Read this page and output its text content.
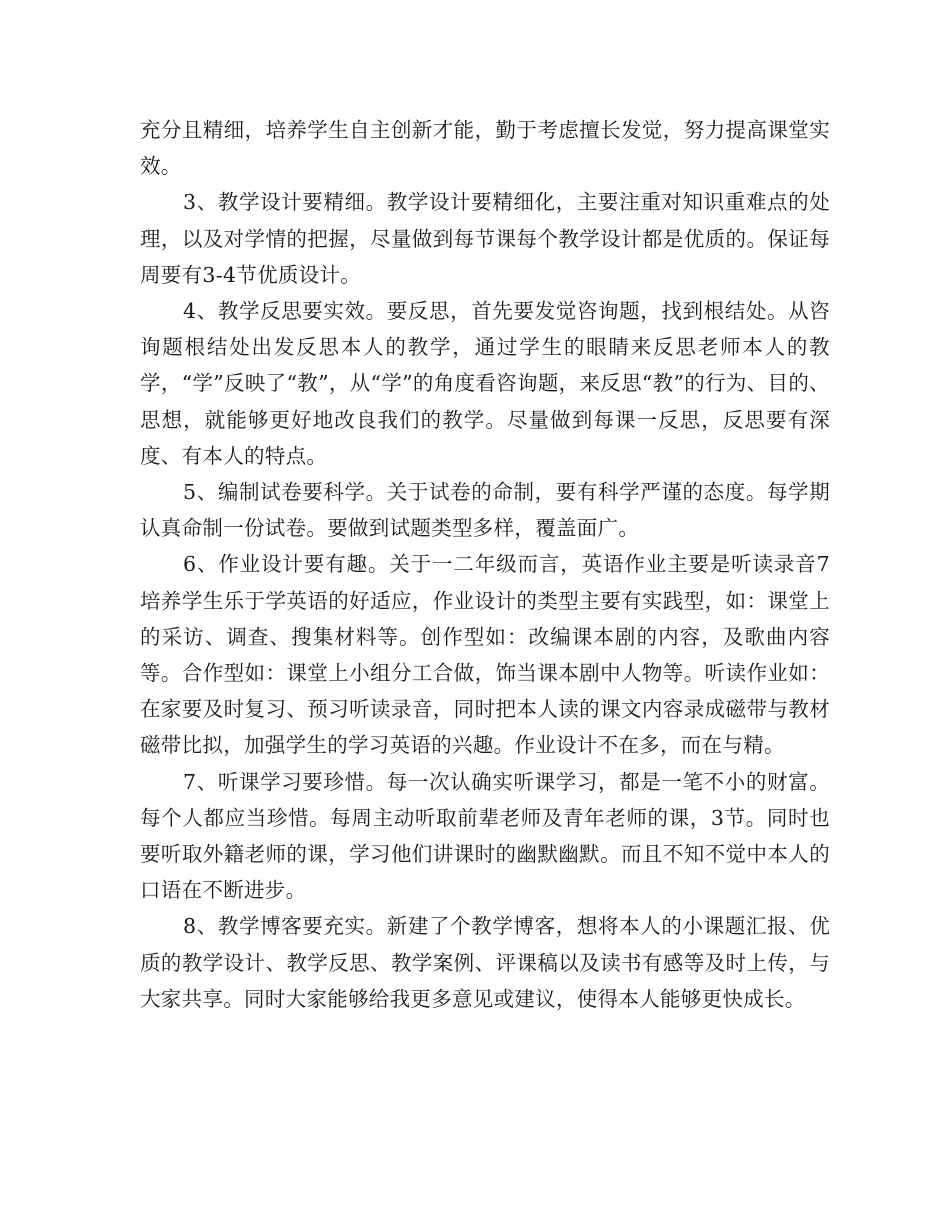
充分且精细，培养学生自主创新才能，勤于考虑擅长发觉，努力提高课堂实效。

3、教学设计要精细。教学设计要精细化，主要注重对知识重难点的处理，以及对学情的把握，尽量做到每节课每个教学设计都是优质的。保证每周要有3-4节优质设计。

4、教学反思要实效。要反思，首先要发觉咨询题，找到根结处。从咨询题根结处出发反思本人的教学，通过学生的眼睛来反思老师本人的教学，“学”反映了“教”，从“学”的角度看咨询题，来反思“教”的行为、目的、思想，就能够更好地改良我们的教学。尽量做到每课一反思，反思要有深度、有本人的特点。

5、编制试卷要科学。关于试卷的命制，要有科学严谨的态度。每学期认真命制一份试卷。要做到试题类型多样，覆盖面广。

6、作业设计要有趣。关于一二年级而言，英语作业主要是听读录音7培养学生乐于学英语的好适应，作业设计的类型主要有实践型，如：课堂上的采访、调查、搜集材料等。创作型如：改编课本剧的内容，及歌曲内容等。合作型如：课堂上小组分工合做，饰当课本剧中人物等。听读作业如：在家要及时复习、预习听读录音，同时把本人读的课文内容录成磁带与教材磁带比拟，加强学生的学习英语的兴趣。作业设计不在多，而在与精。

7、听课学习要珍惜。每一次认确实听课学习，都是一笔不小的财富。每个人都应当珍惜。每周主动听取前辈老师及青年老师的课，3节。同时也要听取外籍老师的课，学习他们讲课时的幽默幽默。而且不知不觉中本人的口语在不断进步。

8、教学博客要充实。新建了个教学博客，想将本人的小课题汇报、优质的教学设计、教学反思、教学案例、评课稿以及读书有感等及时上传，与大家共享。同时大家能够给我更多意见或建议，使得本人能够更快成长。
